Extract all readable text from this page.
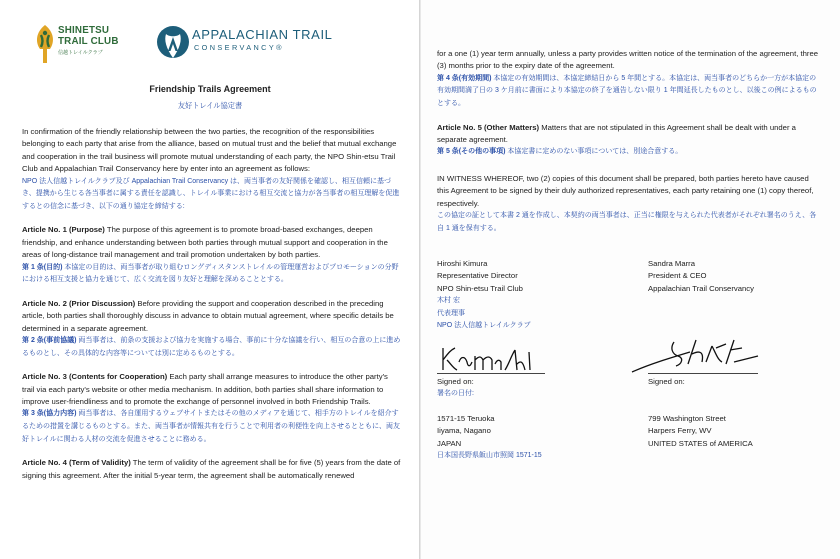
SHINETSU
TRAIL CLUB
信越トレイルクラブ
APPALACHIAN TRAIL
CONSERVANCY®
Friendship Trails Agreement
友好トレイル協定書

In confirmation of the friendly relationship between the two parties, the recognition of the responsibilities belonging to each party that arise from the alliance, based on mutual trust and the belief that mutual exchange and cooperation in the trail business will promote mutual understanding of each party, the NPO Shin-etsu Trail Club and Appalachian Trail Conservancy here by enter into an agreement as follows:

NPO 法人信越トレイルクラブ及び Appalachian Trail Conservancy は、両当事者の友好関係を確認し、相互信頼に基づき、提携から生じる各当事者に属する責任を認識し、トレイル事業における相互交流と協力が各当事者の相互理解を促進するとの信念に基づき、以下の通り協定を締結する:

Article No. 1 (Purpose) The purpose of this agreement is to promote broad-based exchanges, deepen friendship, and enhance understanding between both parties through mutual support and cooperation in the areas of long-distance trail management and trail promotion undertaken by both parties.

第 1 条(目的) 本協定の目的は、両当事者が取り組むロングディスタンストレイルの管理運営およびプロモーションの分野における相互支援と協力を通じて、広く交流を図り友好と理解を深めることとする。

Article No. 2 (Prior Discussion) Before providing the support and cooperation described in the preceding article, both parties shall thoroughly discuss in advance to obtain mutual agreement, where specific details be determined in a separate agreement.

第 2 条(事前協議) 両当事者は、前条の支援および協力を実施する場合、事前に十分な協議を行い、相互の合意の上に進めるものとし、その具体的な内容等については別に定めるものとする。

Article No. 3 (Contents for Cooperation) Each party shall arrange measures to introduce the other party's trail via each party's website or other media mechanism. In addition, both parties shall share information to improve user-friendliness and to promote the exchange of personnel involved in both Friendship Trails.

第 3 条(協力内容) 両当事者は、各自運用するウェブサイトまたはその他のメディアを通じて、相手方のトレイルを紹介するための措置を講じるものとする。また、両当事者が情報共有を行うことで利用者の利便性を向上させるとともに、両友好トレイルに関わる人材の交流を促進させることに務める。

Article No. 4 (Term of Validity) The term of validity of the agreement shall be for five (5) years from the date of signing this agreement. After the initial 5-year term, the agreement shall be automatically renewed

for a one (1) year term annually, unless a party provides written notice of the termination of the agreement, three (3) months prior to the expiry date of the agreement.

第 4 条(有効期間) 本協定の有効期間は、本協定締結日から 5 年間とする。本協定は、両当事者のどちらか一方が本協定の有効期間満了日の 3 ケ月前に書面により本協定の終了を通告しない限り 1 年間延長したものとし、以後この例によるものとする。

Article No. 5 (Other Matters) Matters that are not stipulated in this Agreement shall be dealt with under a separate agreement.

第 5 条(その他の事項) 本協定書に定めのない事項については、別途合意する。

IN WITNESS WHEREOF, two (2) copies of this document shall be prepared, both parties hereto have caused this Agreement to be signed by their duly authorized representatives, each party retaining one (1) copy thereof, respectively.

この協定の証として本書 2 通を作成し、本契約の両当事者は、正当に権限を与えられた代表者がそれぞれ署名のうえ、各自 1 通を保有する。

Hiroshi Kimura

Representative Director

NPO Shin-etsu Trail Club

木村 宏

代表理事

NPO 法人信越トレイルクラブ

Signed on:

署名の日付:

1571-15 Teruoka

Iiyama, Nagano

JAPAN

日本国長野県飯山市照岡 1571-15

Sandra Marra

President & CEO

Appalachian Trail Conservancy

Signed on:

799 Washington Street

Harpers Ferry, WV

UNITED STATES of AMERICA
